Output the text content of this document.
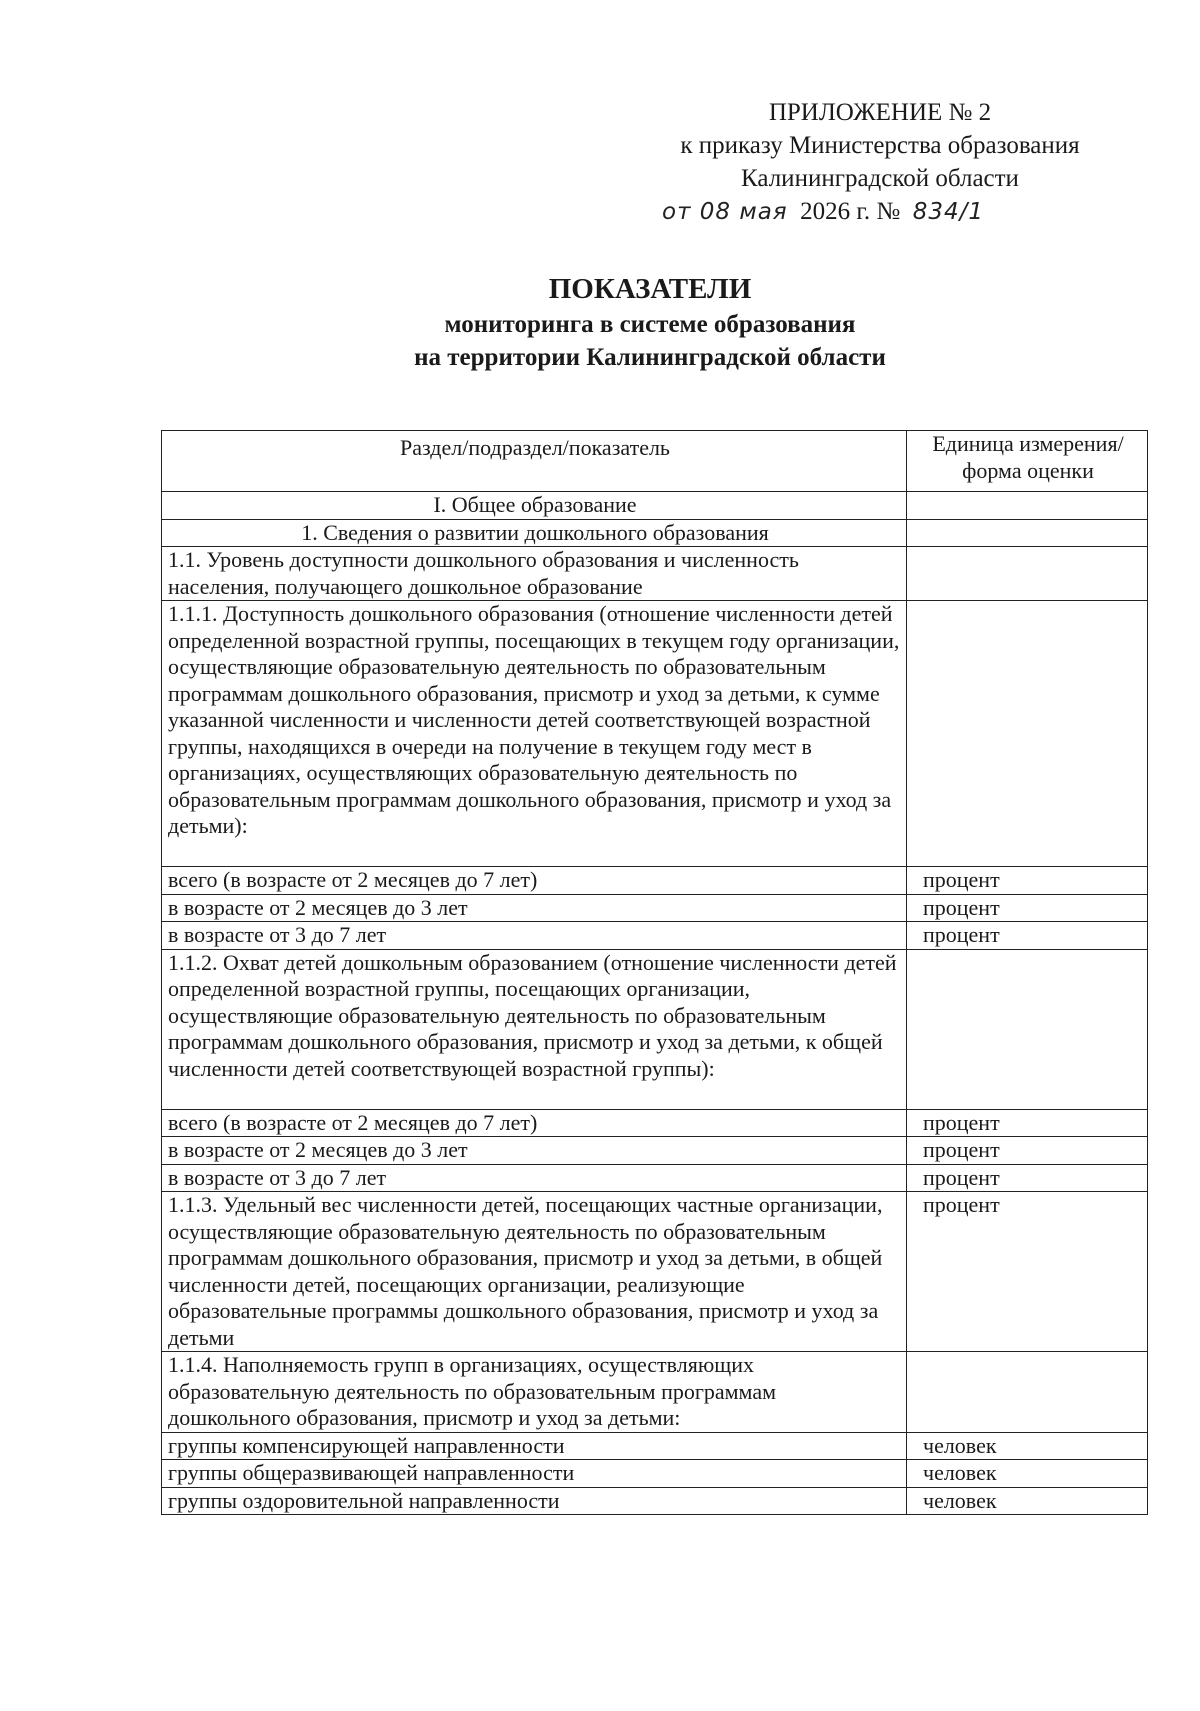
ПРИЛОЖЕНИЕ № 2
к приказу Министерства образования
Калининградской области
от 08 мая 2026 г. № 834/1
ПОКАЗАТЕЛИ
мониторинга в системе образования
на территории Калининградской области
Раздел/подраздел/показатель	Единица измерения/
форма оценки
I. Общее образование	
1. Сведения о развитии дошкольного образования	
1.1. Уровень доступности дошкольного образования и численность населения, получающего дошкольное образование	
1.1.1. Доступность дошкольного образования (отношение численности детей определенной возрастной группы, посещающих в текущем году организации, осуществляющие образовательную деятельность по образовательным программам дошкольного образования, присмотр и уход за детьми, к сумме указанной численности и численности детей соответствующей возрастной группы, находящихся в очереди на получение в текущем году мест в организациях, осуществляющих образовательную деятельность по образовательным программам дошкольного образования, присмотр и уход за детьми):	
всего (в возрасте от 2 месяцев до 7 лет)	процент
в возрасте от 2 месяцев до 3 лет	процент
в возрасте от 3 до 7 лет	процент
1.1.2. Охват детей дошкольным образованием (отношение численности детей определенной возрастной группы, посещающих организации, осуществляющие образовательную деятельность по образовательным программам дошкольного образования, присмотр и уход за детьми, к общей численности детей соответствующей возрастной группы):	
всего (в возрасте от 2 месяцев до 7 лет)	процент
в возрасте от 2 месяцев до 3 лет	процент
в возрасте от 3 до 7 лет	процент
1.1.3. Удельный вес численности детей, посещающих частные организации, осуществляющие образовательную деятельность по образовательным программам дошкольного образования, присмотр и уход за детьми, в общей численности детей, посещающих организации, реализующие образовательные программы дошкольного образования, присмотр и уход за детьми	процент
1.1.4. Наполняемость групп в организациях, осуществляющих образовательную деятельность по образовательным программам дошкольного образования, присмотр и уход за детьми:	
группы компенсирующей направленности	человек
группы общеразвивающей направленности	человек
группы оздоровительной направленности	человек
